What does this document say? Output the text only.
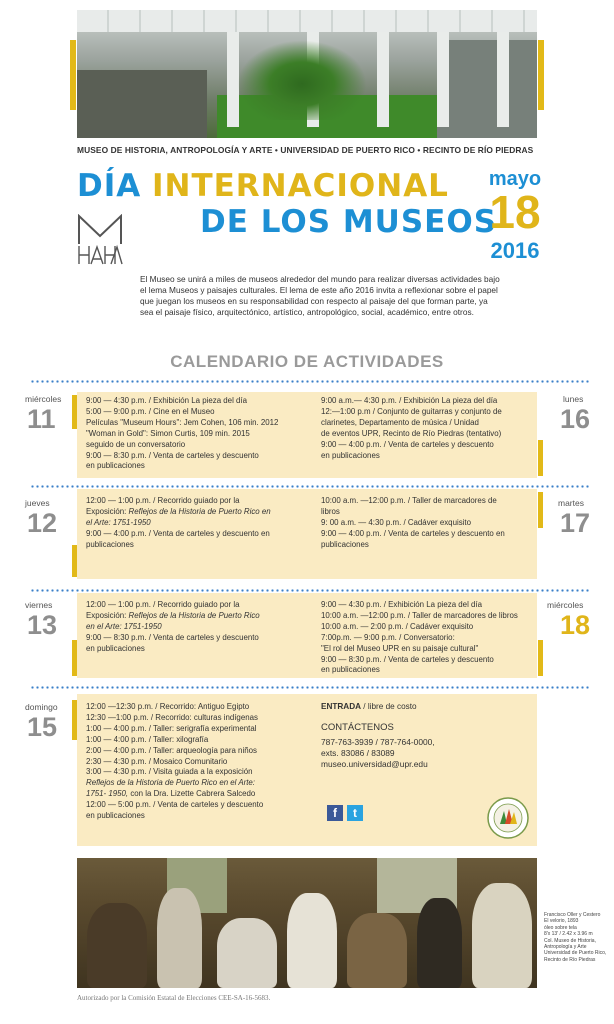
MUSEO DE HISTORIA, ANTROPOLOGÍA Y ARTE • UNIVERSIDAD DE PUERTO RICO • RECINTO DE RÍO PIEDRAS
DÍA INTERNACIONAL
DE LOS MUSEOS
mayo
18
2016
El Museo se unirá a miles de museos alrededor del mundo para realizar diversas actividades bajo el lema Museos y paisajes culturales. El lema de este año 2016 invita a reflexionar sobre el papel que juegan los museos en su responsabilidad con respecto al paisaje del que forman parte, ya sea el paisaje físico, arquitectónico, artístico, antropológico, social, académico, entre otros.
CALENDARIO DE ACTIVIDADES
miércoles
11
jueves
12
viernes
13
domingo
15
lunes
16
martes
17
miércoles
18

9:00 — 4:30 p.m. / Exhibición La pieza del día

5:00 — 9:00 p.m. / Cine en el Museo

Películas "Museum Hours": Jem Cohen, 106 min. 2012

"Woman in Gold": Simon Curtis, 109 min. 2015

seguido de un conversatorio

9:00 — 8:30 p.m. / Venta de carteles y descuento

en publicaciones

9:00 a.m.— 4:30 p.m. / Exhibición La pieza del día

12:—1:00 p.m / Conjunto de guitarras y conjunto de

clarinetes, Departamento de música / Unidad

de eventos UPR, Recinto de Río Piedras (tentativo)

9:00 — 4:00 p.m. / Venta de carteles y descuento

en publicaciones

12:00 — 1:00 p.m. / Recorrido guiado por la

Exposición: Reflejos de la Historia de Puerto Rico en

el Arte: 1751-1950

9:00 — 4:00 p.m. / Venta de carteles y descuento en

publicaciones

10:00 a.m. —12:00 p.m. / Taller de marcadores de

libros

9: 00 a.m. — 4:30 p.m. / Cadáver exquisito

9:00 — 4:00 p.m. / Venta de carteles y descuento en

publicaciones

12:00 — 1:00 p.m. / Recorrido guiado por la

Exposición: Reflejos de la Historia de Puerto Rico

en el Arte: 1751-1950

9:00 — 8:30 p.m. / Venta de carteles y descuento

en publicaciones

9:00 — 4:30 p.m. / Exhibición La pieza del día

10:00 a.m. —12:00 p.m. / Taller de marcadores de libros

10:00 a.m. — 2:00 p.m. / Cadáver exquisito

7:00p.m. — 9:00 p.m. / Conversatorio:

"El rol del Museo UPR en su paisaje cultural"

9:00 — 8:30 p.m. / Venta de carteles y descuento

en publicaciones

12:00 —12:30 p.m. / Recorrido: Antiguo Egipto

12:30 —1:00 p.m. / Recorrido: culturas indígenas

1:00 — 4:00 p.m. / Taller: serigrafía experimental

1:00 — 4:00 p.m. / Taller: xilografía

2:00 — 4:00 p.m. / Taller: arqueología para niños

2:30 — 4:30 p.m. / Mosaico Comunitario

3:00 — 4:30 p.m. / Visita guiada a la exposición

Reflejos de la Historia de Puerto Rico en el Arte:

1751- 1950, con la Dra. Lizette Cabrera Salcedo

12:00 — 5:00 p.m. / Venta de carteles y descuento

en publicaciones

ENTRADA / libre de costo

CONTÁCTENOS

787-763-3939 / 787-764-0000,

exts. 83086 / 83089

museo.universidad@upr.edu

f	t
Francisco Oller y Cestero
El velorio, 1893
óleo sobre tela
8'x 13' / 2.42 x 3.96 m
Col. Museo de Historia,
Antropología y Arte
Universidad de Puerto Rico,
Recinto de Río Piedras
Autorizado por la Comisión Estatal de Elecciones CEE-SA-16-5683.
